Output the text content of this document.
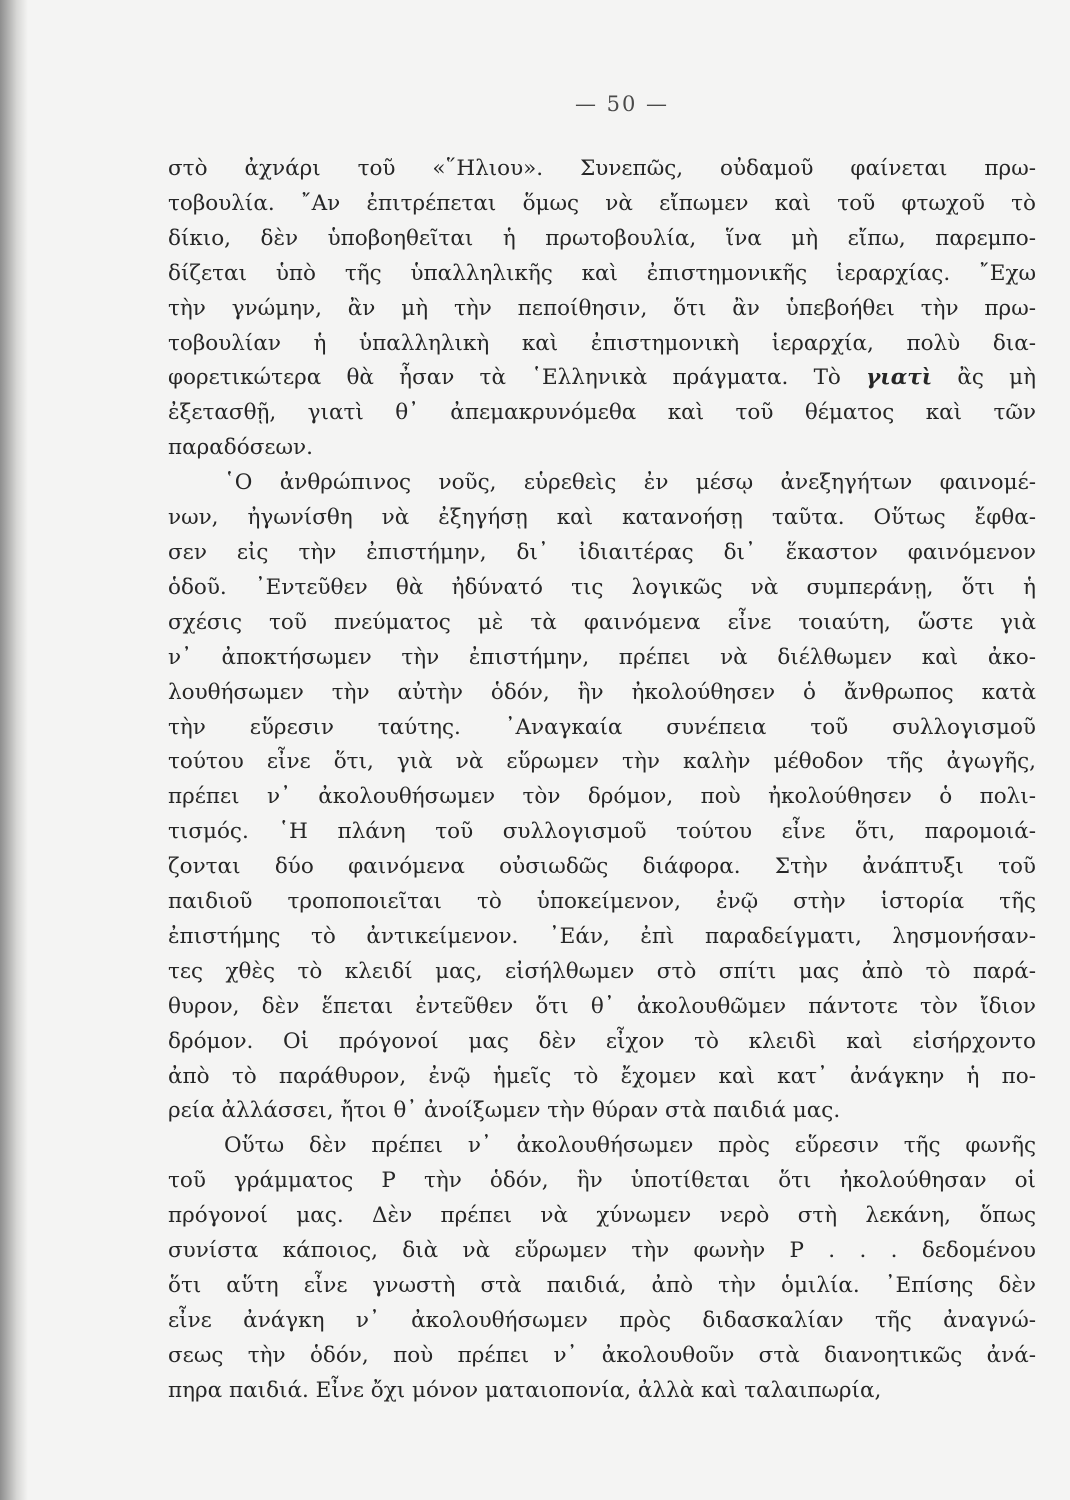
— 50 —
στὸ ἀχνάρι τοῦ «῞Ηλιου». Συνεπῶς, οὐδαμοῦ φαίνεται πρω-
τοβουλία. ῎Αν ἐπιτρέπεται ὅμως νὰ εἴπωμεν καὶ τοῦ φτωχοῦ τὸ
δίκιο, δὲν ὑποβοηθεῖται ἡ πρωτοβουλία, ἵνα μὴ εἴπω, παρεμπο-
δίζεται ὑπὸ τῆς ὑπαλληλικῆς καὶ ἐπιστημονικῆς ἱεραρχίας. ῎Εχω
τὴν γνώμην, ἂν μὴ τὴν πεποίθησιν, ὅτι ἂν ὑπεβοήθει τὴν πρω-
τοβουλίαν ἡ ὑπαλληλικὴ καὶ ἐπιστημονικὴ ἱεραρχία, πολὺ δια-
φορετικώτερα θὰ ἦσαν τὰ ῾Ελληνικὰ πράγματα. Τὸ γιατὶ ἂς μὴ
ἐξετασθῇ, γιατὶ θ᾽ ἀπεμακρυνόμεθα καὶ τοῦ θέματος καὶ τῶν
παραδόσεων.
῾Ο ἀνθρώπινος νοῦς, εὑρεθεὶς ἐν μέσῳ ἀνεξηγήτων φαινομέ-
νων, ἠγωνίσθη νὰ ἐξηγήσῃ καὶ κατανοήσῃ ταῦτα. Οὕτως ἔφθα-
σεν εἰς τὴν ἐπιστήμην, δι᾽ ἰδιαιτέρας δι᾽ ἕκαστον φαινόμενον
ὁδοῦ. ᾿Εντεῦθεν θὰ ἠδύνατό τις λογικῶς νὰ συμπεράνῃ, ὅτι ἡ
σχέσις τοῦ πνεύματος μὲ τὰ φαινόμενα εἶνε τοιαύτη, ὥστε γιὰ
ν᾽ ἀποκτήσωμεν τὴν ἐπιστήμην, πρέπει νὰ διέλθωμεν καὶ ἀκο-
λουθήσωμεν τὴν αὐτὴν ὁδόν, ἣν ἠκολούθησεν ὁ ἄνθρωπος κατὰ
τὴν εὕρεσιν ταύτης. ᾿Αναγκαία συνέπεια τοῦ συλλογισμοῦ
τούτου εἶνε ὅτι, γιὰ νὰ εὕρωμεν τὴν καλὴν μέθοδον τῆς ἀγωγῆς,
πρέπει ν᾽ ἀκολουθήσωμεν τὸν δρόμον, ποὺ ἠκολούθησεν ὁ πολι-
τισμός. ῾Η πλάνη τοῦ συλλογισμοῦ τούτου εἶνε ὅτι, παρομοιά-
ζονται δύο φαινόμενα οὐσιωδῶς διάφορα. Στὴν ἀνάπτυξι τοῦ
παιδιοῦ τροποποιεῖται τὸ ὑποκείμενον, ἐνῷ στὴν ἱστορία τῆς
ἐπιστήμης τὸ ἀντικείμενον. ᾿Εάν, ἐπὶ παραδείγματι, λησμονήσαν-
τες χθὲς τὸ κλειδί μας, εἰσήλθωμεν στὸ σπίτι μας ἀπὸ τὸ παρά-
θυρον, δὲν ἕπεται ἐντεῦθεν ὅτι θ᾽ ἀκολουθῶμεν πάντοτε τὸν ἴδιον
δρόμον. Οἱ πρόγονοί μας δὲν εἶχον τὸ κλειδὶ καὶ εἰσήρχοντο
ἀπὸ τὸ παράθυρον, ἐνῷ ἡμεῖς τὸ ἔχομεν καὶ κατ᾽ ἀνάγκην ἡ πο-
ρεία ἀλλάσσει, ἤτοι θ᾽ ἀνοίξωμεν τὴν θύραν στὰ παιδιά μας.
Οὕτω δὲν πρέπει ν᾽ ἀκολουθήσωμεν πρὸς εὕρεσιν τῆς φωνῆς
τοῦ γράμματος Ρ τὴν ὁδόν, ἣν ὑποτίθεται ὅτι ἠκολούθησαν οἱ
πρόγονοί μας. Δὲν πρέπει νὰ χύνωμεν νερὸ στὴ λεκάνη, ὅπως
συνίστα κάποιος, διὰ νὰ εὕρωμεν τὴν φωνὴν Ρ . . . δεδομένου
ὅτι αὕτη εἶνε γνωστὴ στὰ παιδιά, ἀπὸ τὴν ὁμιλία. ᾿Επίσης δὲν
εἶνε ἀνάγκη ν᾽ ἀκολουθήσωμεν πρὸς διδασκαλίαν τῆς ἀναγνώ-
σεως τὴν ὁδόν, ποὺ πρέπει ν᾽ ἀκολουθοῦν στὰ διανοητικῶς ἀνά-
πηρα παιδιά. Εἶνε ὄχι μόνον ματαιοπονία, ἀλλὰ καὶ ταλαιπωρία,
